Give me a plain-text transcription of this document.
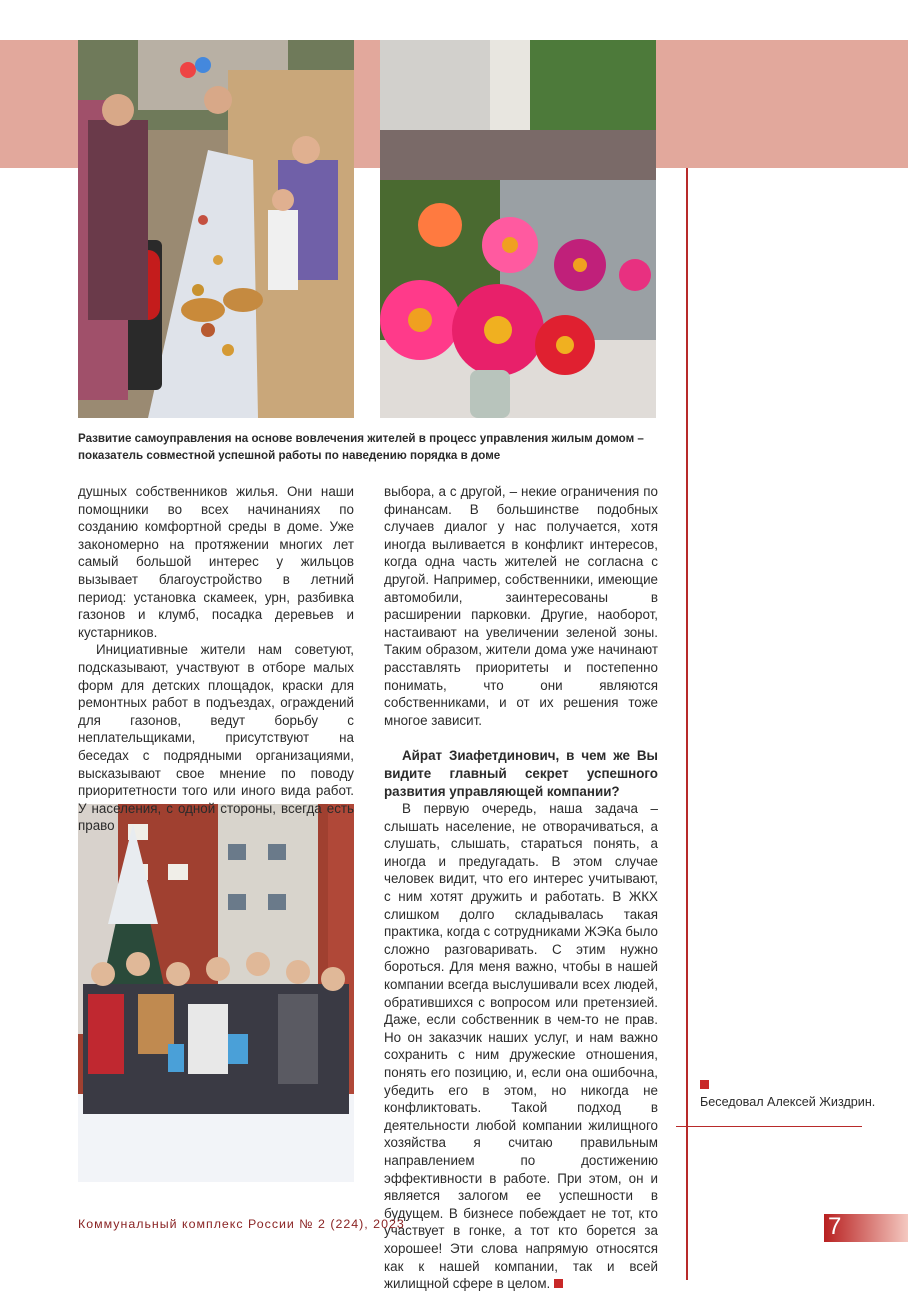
Развитие самоуправления на основе вовлечения жителей в процесс управления жилым домом –
показатель совместной успешной работы по наведению порядка в доме

душных собственников жилья. Они наши помощники во всех начинаниях по созданию комфортной среды в доме. Уже закономерно на протяжении многих лет самый большой интерес у жильцов вызывает благоустройство в летний период: установка скамеек, урн, разбивка газонов и клумб, посадка деревьев и кустарников.

Инициативные жители нам советуют, подсказывают, участвуют в отборе малых форм для детских площадок, краски для ремонтных работ в подъездах, ограждений для газонов, ведут борьбу с неплательщиками, присутствуют на беседах с подрядными организациями, высказывают свое мнение по поводу приоритетности того или иного вида работ. У населения, с одной стороны, всегда есть право

выбора, а с другой, – некие ограничения по финансам. В большинстве подобных случаев диалог у нас получается, хотя иногда выливается в конфликт интересов, когда одна часть жителей не согласна с другой. Например, собственники, имеющие автомобили, заинтересованы в расширении парковки. Другие, наоборот, настаивают на увеличении зеленой зоны. Таким образом, жители дома уже начинают расставлять приоритеты и постепенно понимать, что они являются собственниками, и от их решения тоже многое зависит.

Айрат Зиафетдинович, в чем же Вы видите главный секрет успешного развития управляющей компании?

В первую очередь, наша задача – слышать население, не отворачиваться, а слушать, слышать, стараться понять, а иногда и предугадать. В этом случае человек видит, что его интерес учитывают, с ним хотят дружить и работать. В ЖКХ слишком долго складывалась такая практика, когда с сотрудниками ЖЭКа было сложно разговаривать. С этим нужно бороться. Для меня важно, чтобы в нашей компании всегда выслушивали всех людей, обратившихся с вопросом или претензией. Даже, если собственник в чем-то не прав. Но он заказчик наших услуг, и нам важно сохранить с ним дружеские отношения, понять его позицию, и, если она ошибочна, убедить его в этом, но никогда не конфликтовать. Такой подход в деятельности любой компании жилищного хозяйства я считаю правильным направлением по достижению эффективности в работе. При этом, он и является залогом ее успешности в будущем. В бизнесе побеждает не тот, кто участвует в гонке, а тот кто борется за хорошее! Эти слова напрямую относятся как к нашей компании, так и всей жилищной сфере в целом.

Беседовал Алексей Жиздрин.
Коммунальный комплекс России № 2 (224), 2023	7
